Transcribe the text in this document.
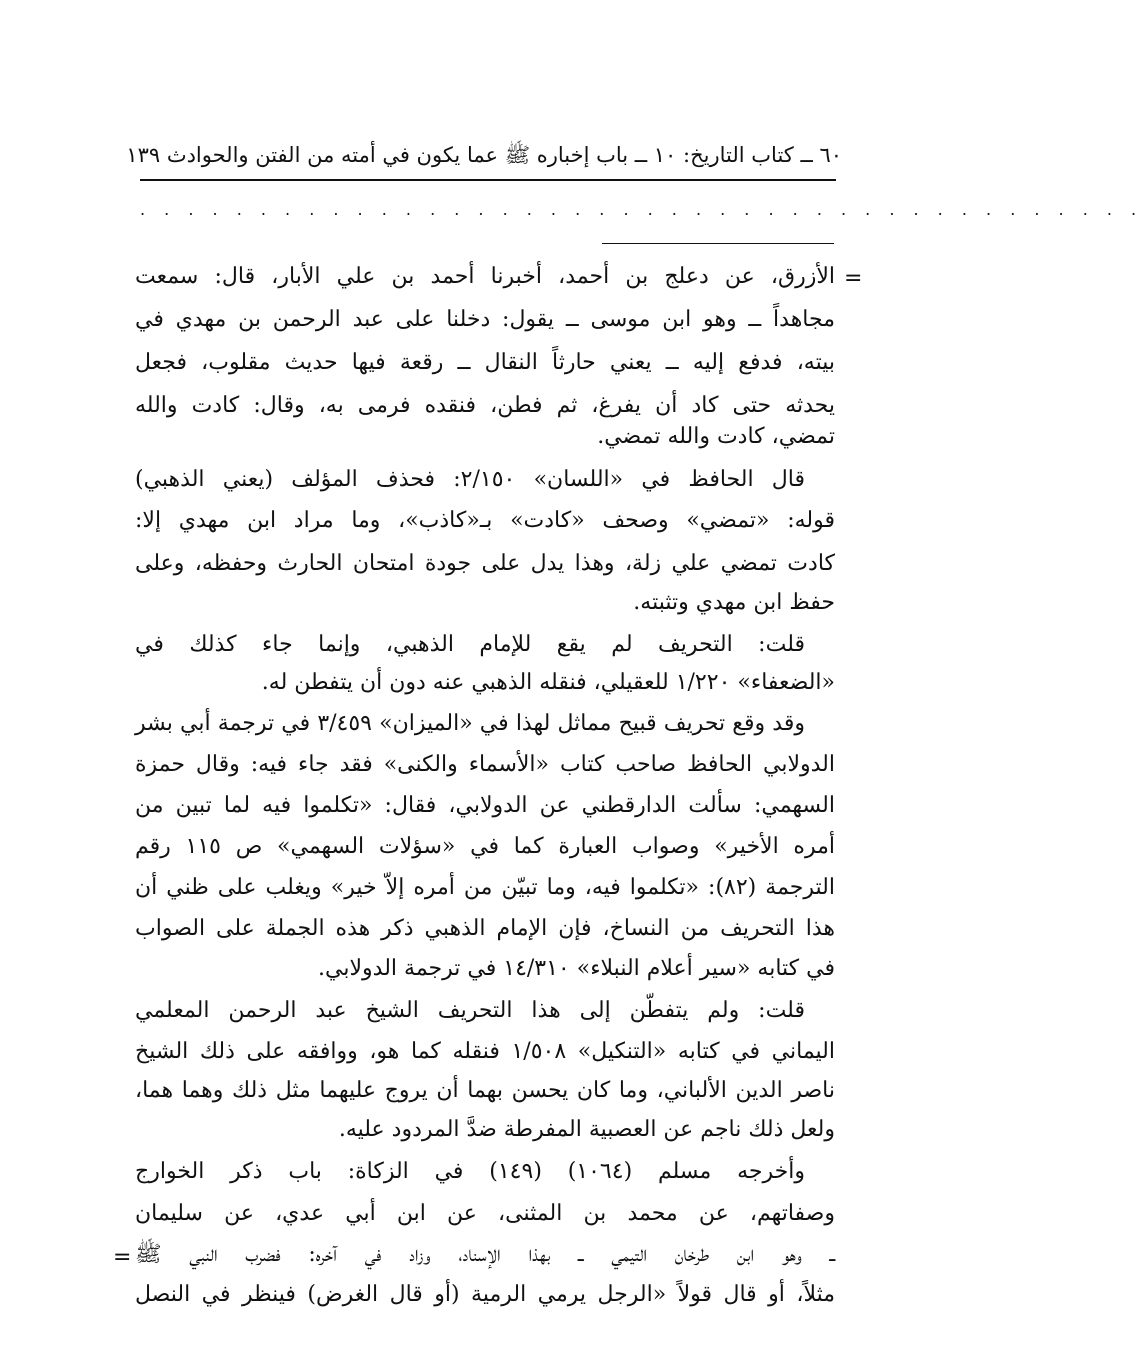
٦٠ ــ كتاب التاريخ: ١٠ ــ باب إخباره ﷺ عما يكون في أمته من الفتن والحوادث ١٣٩
. . . . . . . . . . . . . . . . . . . . . . . . . . . . . . . . . . . . . . . . . .
=
=
الأزرق، عن دعلج بن أحمد، أخبرنا أحمد بن علي الأبار، قال: سمعت
مجاهداً ــ وهو ابن موسى ــ يقول: دخلنا على عبد الرحمن بن مهدي في
بيته، فدفع إليه ــ يعني حارثاً النقال ــ رقعة فيها حديث مقلوب، فجعل
يحدثه حتى كاد أن يفرغ، ثم فطن، فنقده فرمى به، وقال: كادت والله
تمضي، كادت والله تمضي.
قال الحافظ في «اللسان» ٢/١٥٠: فحذف المؤلف (يعني الذهبي)
قوله: «تمضي» وصحف «كادت» بـ«كاذب»، وما مراد ابن مهدي إلا:
كادت تمضي علي زلة، وهذا يدل على جودة امتحان الحارث وحفظه، وعلى
حفظ ابن مهدي وتثبته.
قلت: التحريف لم يقع للإمام الذهبي، وإنما جاء كذلك في
«الضعفاء» ١/٢٢٠ للعقيلي، فنقله الذهبي عنه دون أن يتفطن له.
وقد وقع تحريف قبيح مماثل لهذا في «الميزان» ٣/٤٥٩ في ترجمة أبي بشر
الدولابي الحافظ صاحب كتاب «الأسماء والكنى» فقد جاء فيه: وقال حمزة
السهمي: سألت الدارقطني عن الدولابي، فقال: «تكلموا فيه لما تبين من
أمره الأخير» وصواب العبارة كما في «سؤلات السهمي» ص ١١٥ رقم
الترجمة (٨٢): «تكلموا فيه، وما تبيّن من أمره إلاّ خير» ويغلب على ظني أن
هذا التحريف من النساخ، فإن الإمام الذهبي ذكر هذه الجملة على الصواب
في كتابه «سير أعلام النبلاء» ١٤/٣١٠ في ترجمة الدولابي.
قلت: ولم يتفطّن إلى هذا التحريف الشيخ عبد الرحمن المعلمي
اليماني في كتابه «التنكيل» ١/٥٠٨ فنقله كما هو، ووافقه على ذلك الشيخ
ناصر الدين الألباني، وما كان يحسن بهما أن يروج عليهما مثل ذلك وهما هما،
ولعل ذلك ناجم عن العصبية المفرطة ضدَّ المردود عليه.
وأخرجه مسلم (١٠٦٤) (١٤٩) في الزكاة: باب ذكر الخوارج
وصفاتهم، عن محمد بن المثنى، عن ابن أبي عدي، عن سليمان
ــ وهو ابن طرخان التيمي ــ بهذا الإسناد، وزاد في آخره: فضرب النبي ﷺ
مثلاً، أو قال قولاً «الرجل يرمي الرمية (أو قال الغرض) فينظر في النصل
